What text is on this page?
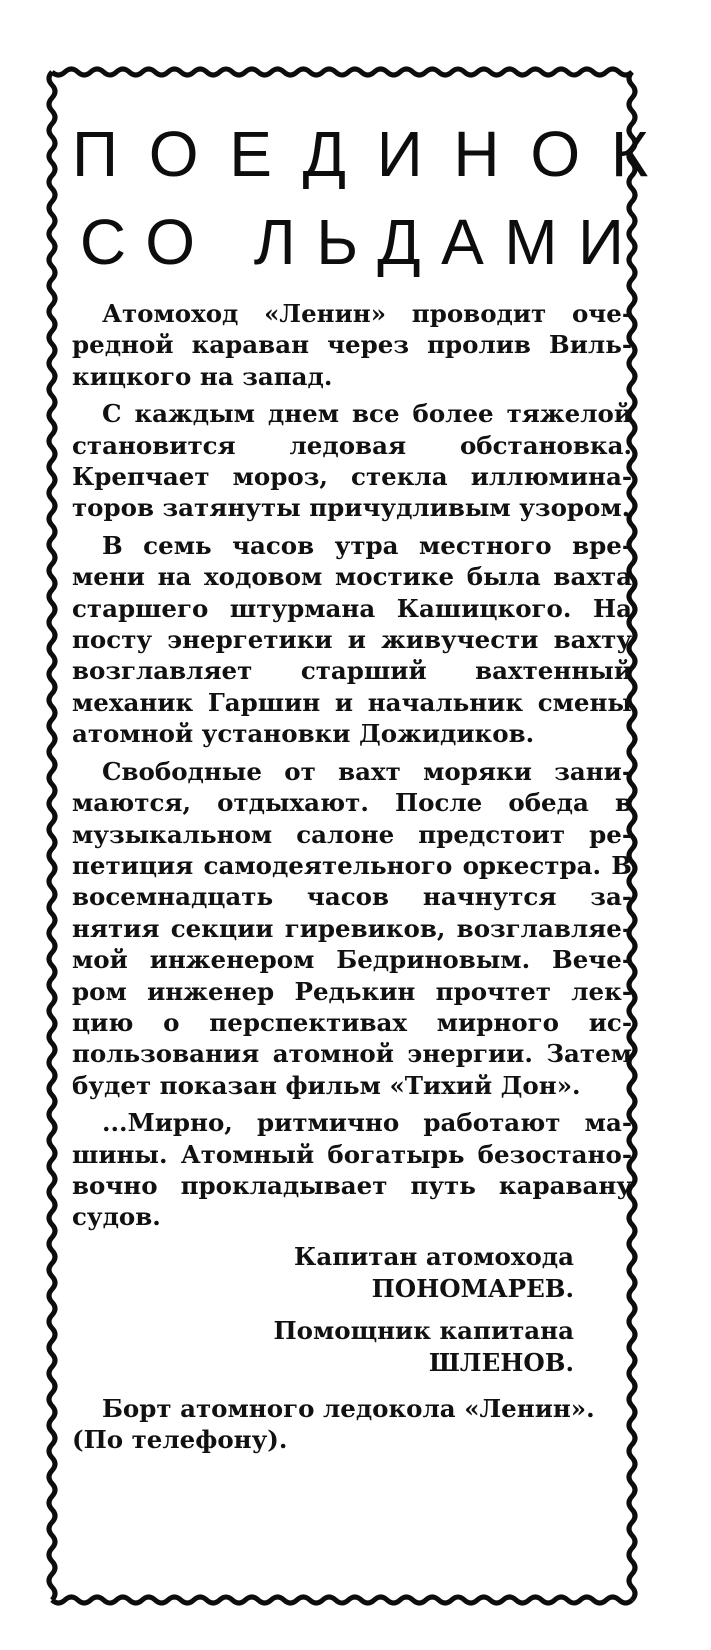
ПОЕДИНОК
СО ЛЬДАМИ

Атомоход «Ленин» проводит очередной караван через пролив Вилькицкого на запад.

С каждым днем все более тяжелой становится ледовая обстановка. Крепчает мороз, стекла иллюминаторов затянуты причудливым узором.

В семь часов утра местного времени на ходовом мостике была вахта старшего штурмана Кашицкого. На посту энергетики и живучести вахту возглавляет старший вахтенный механик Гаршин и начальник смены атомной установки Дожидиков.

Свободные от вахт моряки занимаются, отдыхают. После обеда в музыкальном салоне предстоит репетиция самодеятельного оркестра. В восемнадцать часов начнутся занятия секции гиревиков, возглавляемой инженером Бедриновым. Вечером инженер Редькин прочтет лекцию о перспективах мирного использования атомной энергии. Затем будет показан фильм «Тихий Дон».

...Мирно, ритмично работают машины. Атомный богатырь безостановочно прокладывает путь каравану судов.

Капитан атомохода
ПОНОМАРЕВ.
Помощник капитана
ШЛЕНОВ.
Борт атомного ледокола «Ленин».
(По телефону).
